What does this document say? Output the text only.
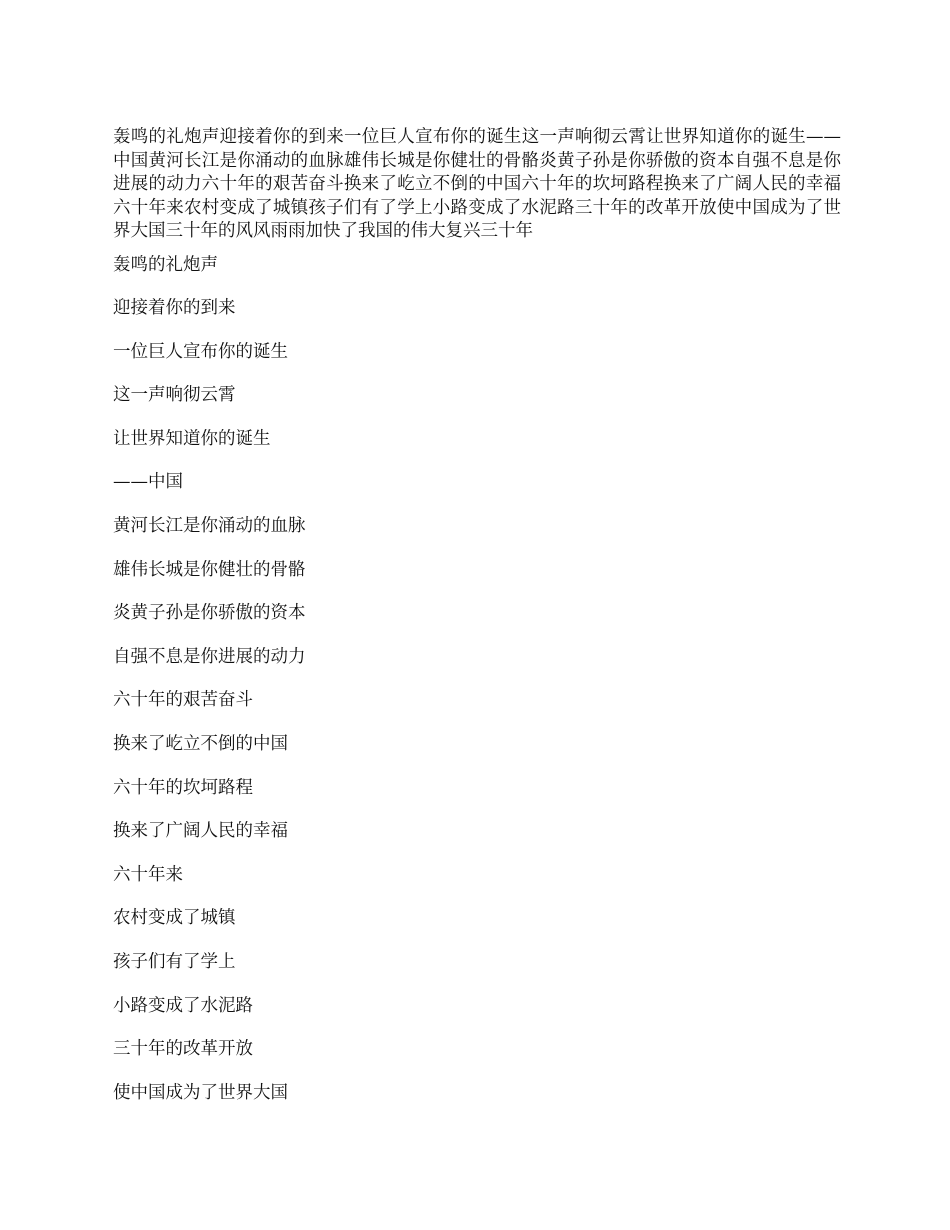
轰鸣的礼炮声迎接着你的到来一位巨人宣布你的诞生这一声响彻云霄让世界知道你的诞生——中国黄河长江是你涌动的血脉雄伟长城是你健壮的骨骼炎黄子孙是你骄傲的资本自强不息是你进展的动力六十年的艰苦奋斗换来了屹立不倒的中国六十年的坎坷路程换来了广阔人民的幸福六十年来农村变成了城镇孩子们有了学上小路变成了水泥路三十年的改革开放使中国成为了世界大国三十年的风风雨雨加快了我国的伟大复兴三十年

轰鸣的礼炮声
迎接着你的到来
一位巨人宣布你的诞生
这一声响彻云霄
让世界知道你的诞生
——中国
黄河长江是你涌动的血脉
雄伟长城是你健壮的骨骼
炎黄子孙是你骄傲的资本
自强不息是你进展的动力
六十年的艰苦奋斗
换来了屹立不倒的中国
六十年的坎坷路程
换来了广阔人民的幸福
六十年来
农村变成了城镇
孩子们有了学上
小路变成了水泥路
三十年的改革开放
使中国成为了世界大国
